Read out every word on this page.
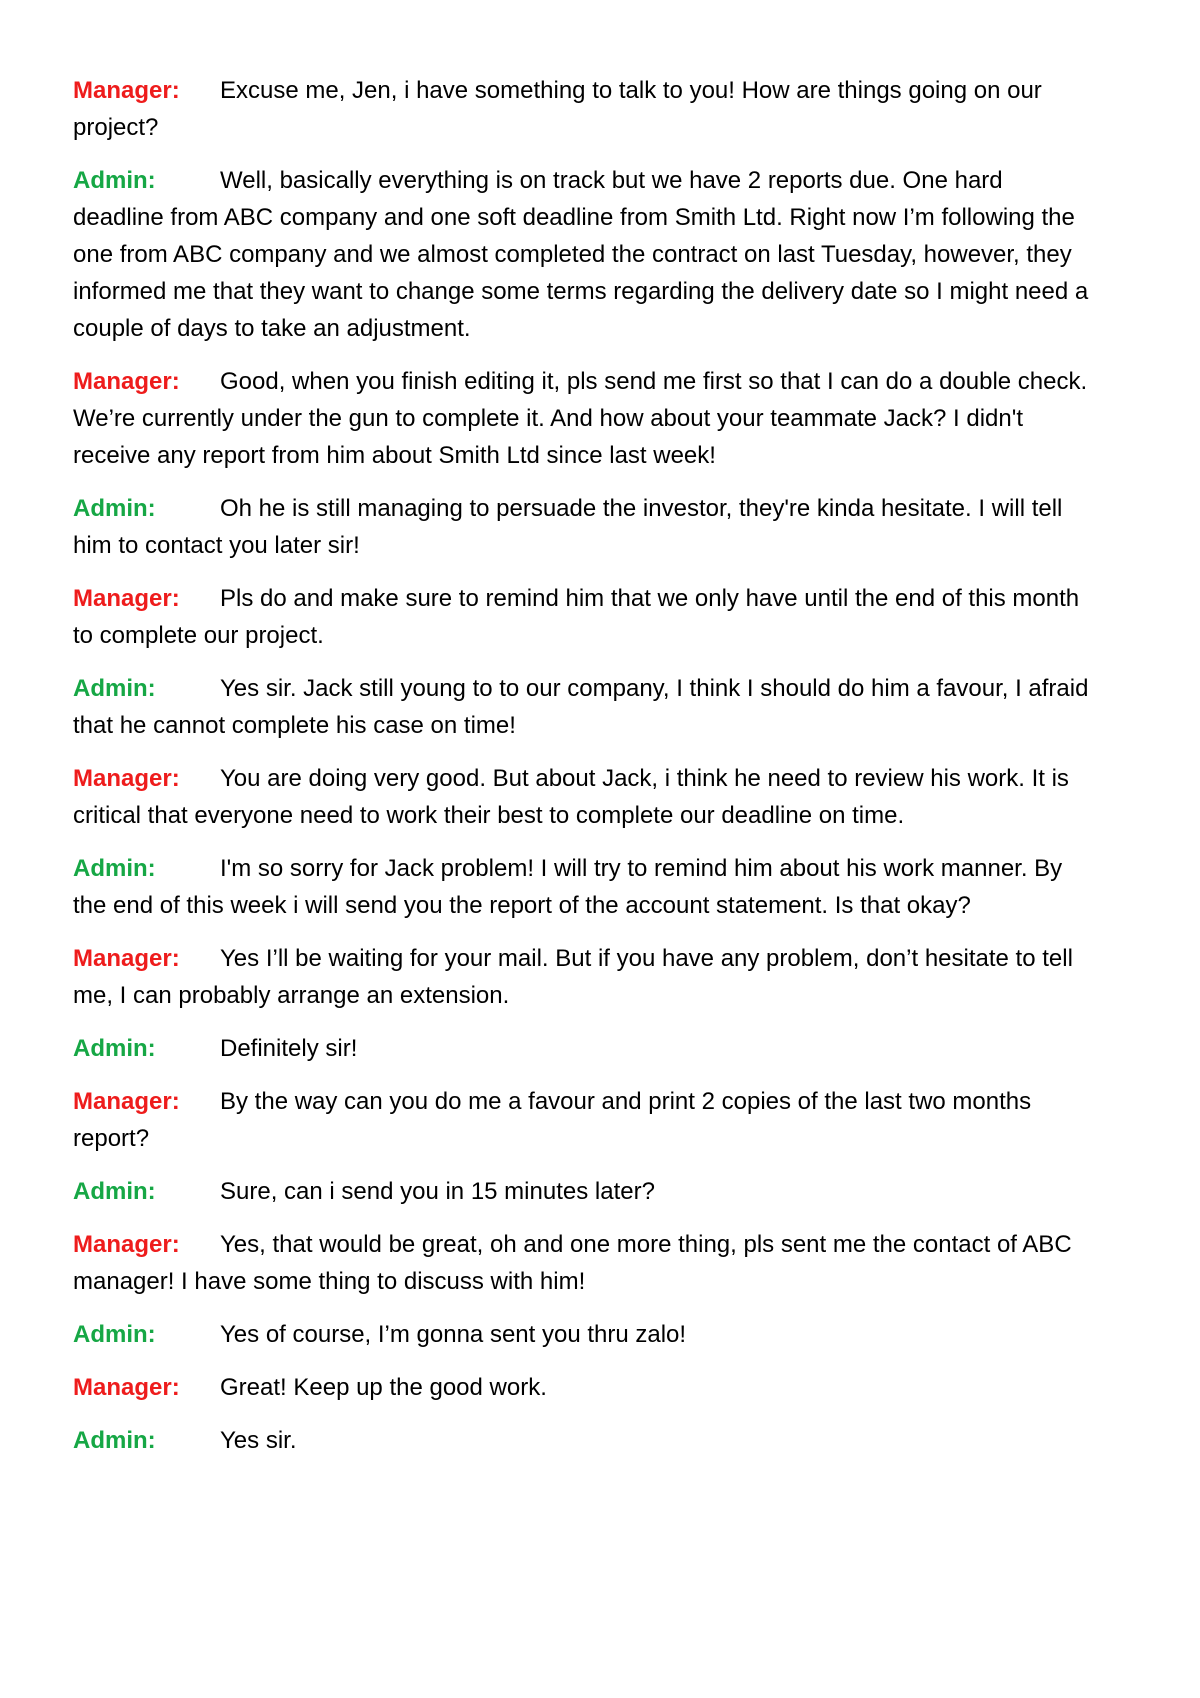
Manager: Excuse me, Jen, i have something to talk to you! How are things going on our project?

Admin:	Well, basically everything is on track but we have 2 reports due. One hard deadline from ABC company and one soft deadline from Smith Ltd. Right now I’m following the one from ABC company and we almost completed the contract on last Tuesday, however, they informed me that they want to change some terms regarding the delivery date so I might need a couple of days to take an adjustment.

Manager: Good, when you finish editing it, pls send me first so that I can do a double check. We’re currently under the gun to complete it. And how about your teammate Jack? I didn't receive any report from him about Smith Ltd since last week!

Admin:	Oh he is still managing to persuade the investor, they're kinda hesitate. I will tell him to contact you later sir!

Manager: Pls do and make sure to remind him that we only have until the end of this month to complete our project.

Admin:	Yes sir. Jack still young to to our company, I think I should do him a favour, I afraid that he cannot complete his case on time!

Manager: You are doing very good. But about Jack, i think he need to review his work. It is critical that everyone need to work their best to complete our deadline on time.

Admin:	I'm so sorry for Jack problem! I will try to remind him about his work manner. By the end of this week i will send you the report of the account statement. Is that okay?

Manager: Yes I’ll be waiting for your mail. But if you have any problem, don’t hesitate to tell me, I can probably arrange an extension.

Admin:	Definitely sir!

Manager: By the way can you do me a favour and print 2 copies of the last two months report?

Admin:	Sure, can i send you in 15 minutes later?

Manager: Yes, that would be great, oh and one more thing, pls sent me the contact of ABC manager! I have some thing to discuss with him!

Admin:	Yes of course, I’m gonna sent you thru zalo!

Manager: Great! Keep up the good work.

Admin:	Yes sir.
